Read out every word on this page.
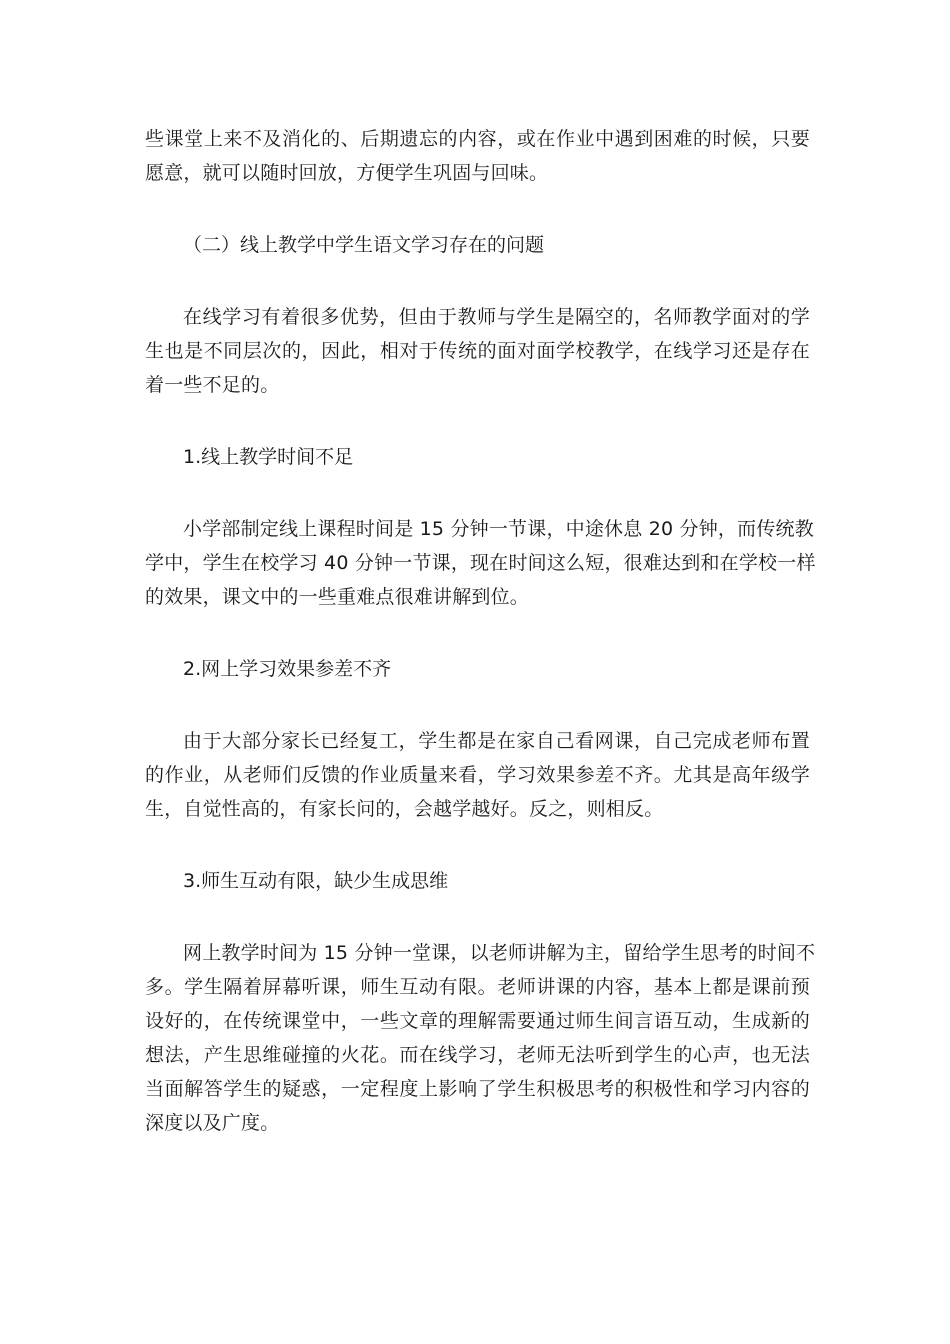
些课堂上来不及消化的、后期遗忘的内容，或在作业中遇到困难的时候，只要
愿意，就可以随时回放，方便学生巩固与回味。

（二）线上教学中学生语文学习存在的问题

在线学习有着很多优势，但由于教师与学生是隔空的，名师教学面对的学
生也是不同层次的，因此，相对于传统的面对面学校教学，在线学习还是存在
着一些不足的。

1.线上教学时间不足

小学部制定线上课程时间是 15 分钟一节课，中途休息 20 分钟，而传统教
学中，学生在校学习 40 分钟一节课，现在时间这么短，很难达到和在学校一样
的效果，课文中的一些重难点很难讲解到位。

2.网上学习效果参差不齐

由于大部分家长已经复工，学生都是在家自己看网课，自己完成老师布置
的作业，从老师们反馈的作业质量来看，学习效果参差不齐。尤其是高年级学
生，自觉性高的，有家长问的，会越学越好。反之，则相反。

3.师生互动有限，缺少生成思维

网上教学时间为 15 分钟一堂课，以老师讲解为主，留给学生思考的时间不
多。学生隔着屏幕听课，师生互动有限。老师讲课的内容，基本上都是课前预
设好的，在传统课堂中，一些文章的理解需要通过师生间言语互动，生成新的
想法，产生思维碰撞的火花。而在线学习，老师无法听到学生的心声，也无法
当面解答学生的疑惑，一定程度上影响了学生积极思考的积极性和学习内容的
深度以及广度。
